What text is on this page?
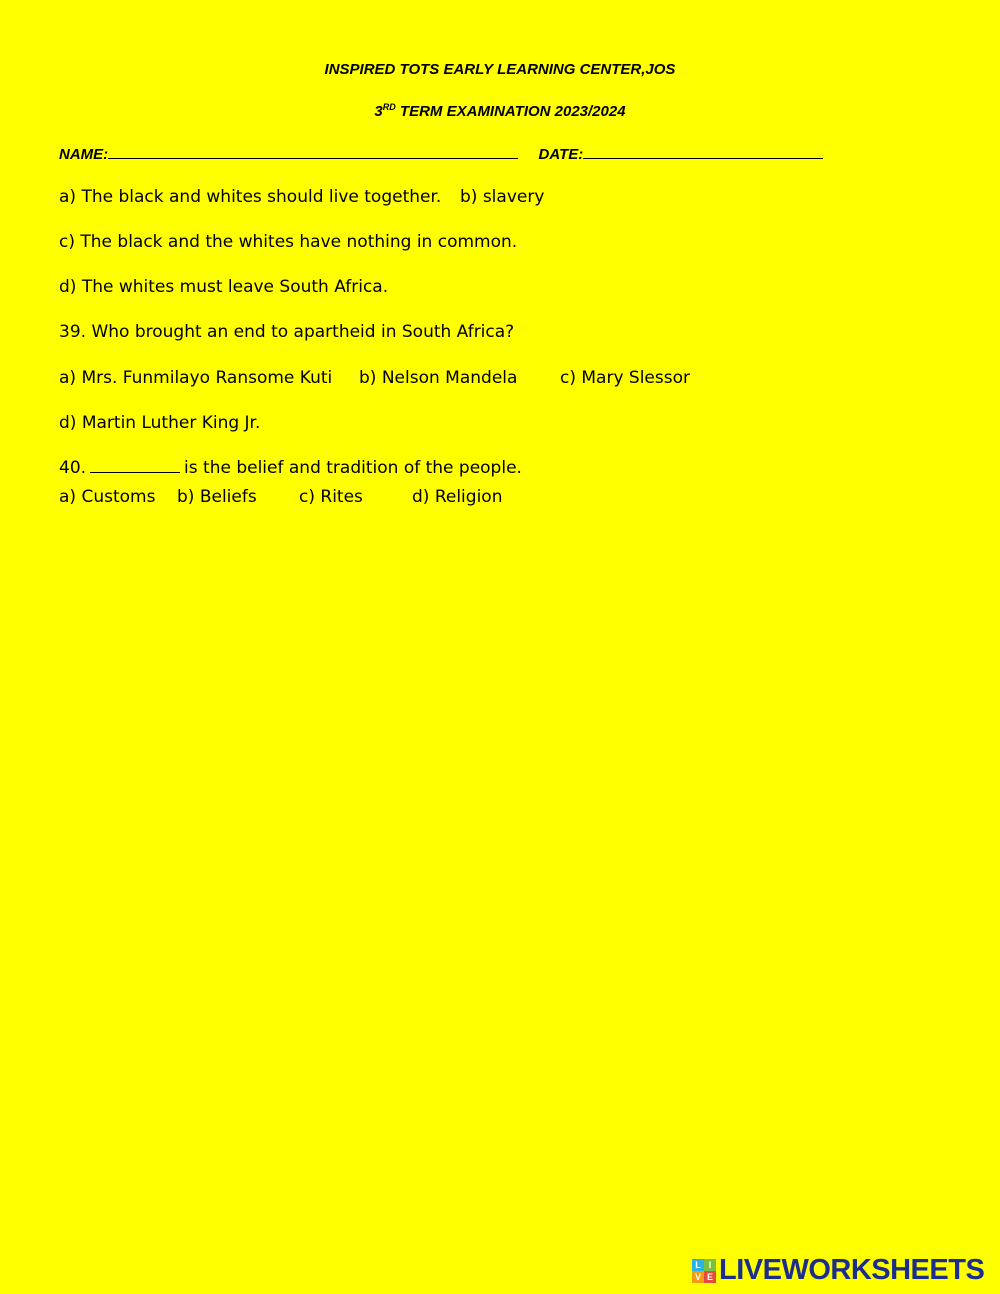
INSPIRED TOTS EARLY LEARNING CENTER,JOS
3RD TERM EXAMINATION 2023/2024
NAME:	DATE:
a) The black and whites should live together. b) slavery
c) The black and the whites have nothing in common.
d) The whites must leave South Africa.
39. Who brought an end to apartheid in South Africa?
a) Mrs. Funmilayo Ransome Kuti b) Nelson Mandela	c) Mary Slessor
d) Martin Luther King Jr.
40.	is the belief and tradition of the people.
a) Customs b) Beliefs c) Rites	d) Religion
L I
V E LIVEWORKSHEETS
